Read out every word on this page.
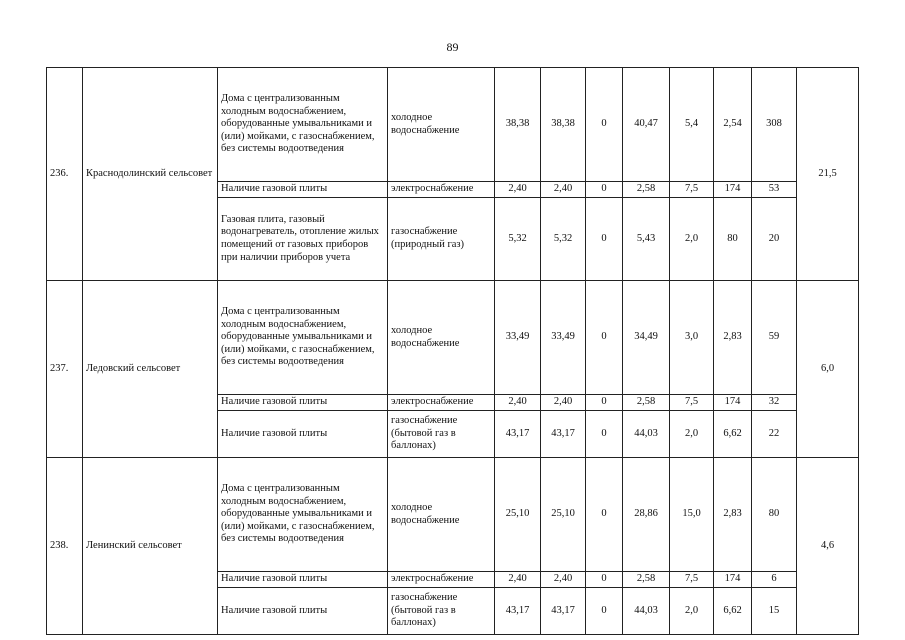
89
236.	Краснодолинский сельсовет	Дома с централизованным холодным водоснабжением, оборудованные умывальниками и (или) мойками, с газоснабжением, без системы водоотведения	холодное водоснабжение	38,38	38,38	0	40,47	5,4	2,54	308	21,5
		Наличие газовой плиты	электроснабжение	2,40	2,40	0	2,58	7,5	174	53	
		Газовая плита, газовый водонагреватель, отопление жилых помещений от газовых приборов при наличии приборов учета	газоснабжение (природный газ)	5,32	5,32	0	5,43	2,0	80	20	
237.	Ледовский сельсовет	Дома с централизованным холодным водоснабжением, оборудованные умывальниками и (или) мойками, с газоснабжением, без системы водоотведения	холодное водоснабжение	33,49	33,49	0	34,49	3,0	2,83	59	6,0
		Наличие газовой плиты	электроснабжение	2,40	2,40	0	2,58	7,5	174	32	
		Наличие газовой плиты	газоснабжение (бытовой газ в баллонах)	43,17	43,17	0	44,03	2,0	6,62	22	
238.	Ленинский сельсовет	Дома с централизованным холодным водоснабжением, оборудованные умывальниками и (или) мойками, с газоснабжением, без системы водоотведения	холодное водоснабжение	25,10	25,10	0	28,86	15,0	2,83	80	4,6
		Наличие газовой плиты	электроснабжение	2,40	2,40	0	2,58	7,5	174	6	
		Наличие газовой плиты	газоснабжение (бытовой газ в баллонах)	43,17	43,17	0	44,03	2,0	6,62	15	
